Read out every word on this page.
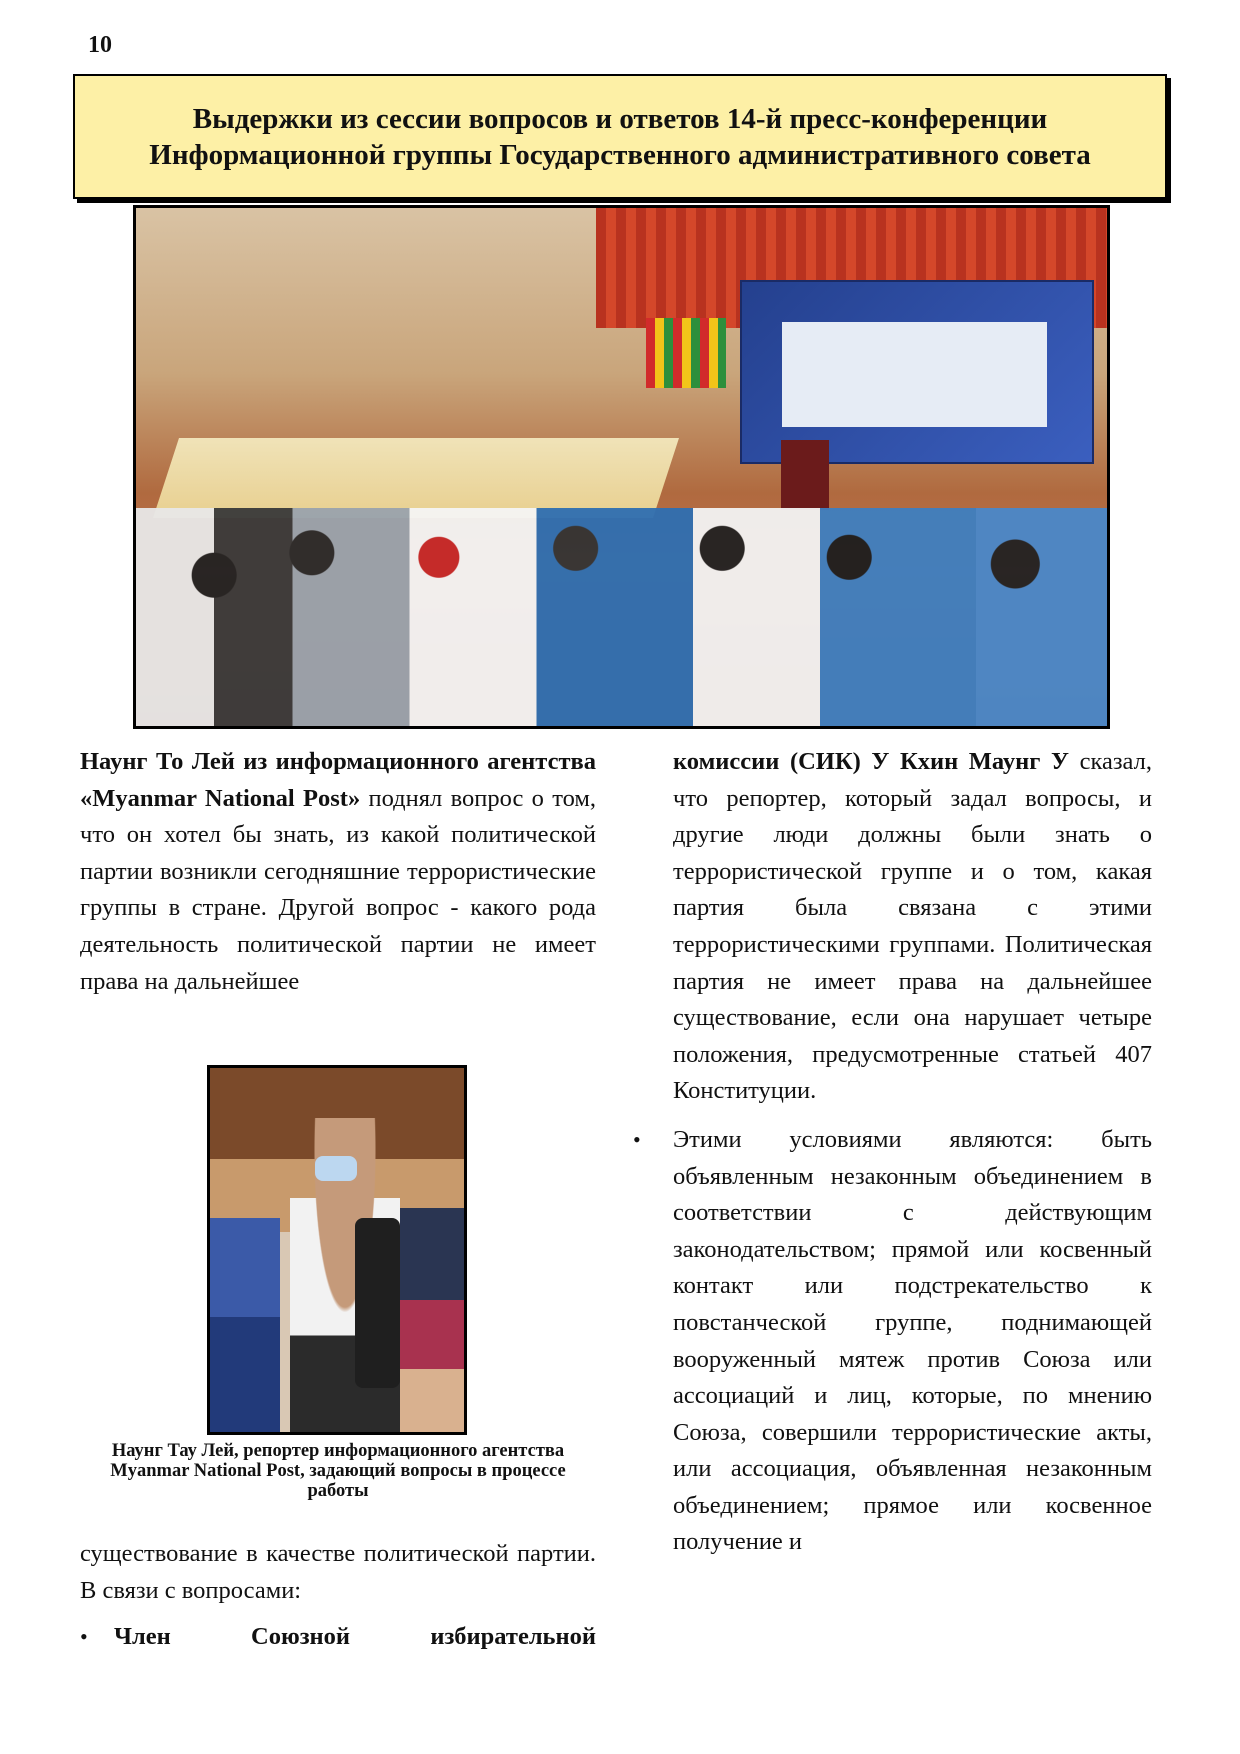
10
Выдержки из сессии вопросов и ответов 14-й пресс-конференции
Информационной группы Государственного административного совета

Наунг То Лей из информационного агентства «Myanmar National Post» поднял вопрос о том, что он хотел бы знать, из какой политической партии возникли сегодняшние террористические группы в стране. Другой вопрос - какого рода деятельность политической партии не имеет права на дальнейшее

Наунг Тау Лей, репортер информационного агентства Myanmar National Post, задающий вопросы в процессе работы

существование в качестве политической партии. В связи с вопросами:

• Член Союзной избирательной

комиссии (СИК) У Кхин Маунг У сказал, что репортер, который задал вопросы, и другие люди должны были знать о террористической группе и о том, какая партия была связана с этими террористическими группами. Политическая партия не имеет права на дальнейшее существование, если она нарушает четыре положения, предусмотренные статьей 407 Конституции.

• Этими условиями являются: быть объявленным незаконным объединением в соответствии с действующим законодательством; прямой или косвенный контакт или подстрекательство к повстанческой группе, поднимающей вооруженный мятеж против Союза или ассоциаций и лиц, которые, по мнению Союза, совершили террористические акты, или ассоциация, объявленная незаконным объединением; прямое или косвенное получение и
